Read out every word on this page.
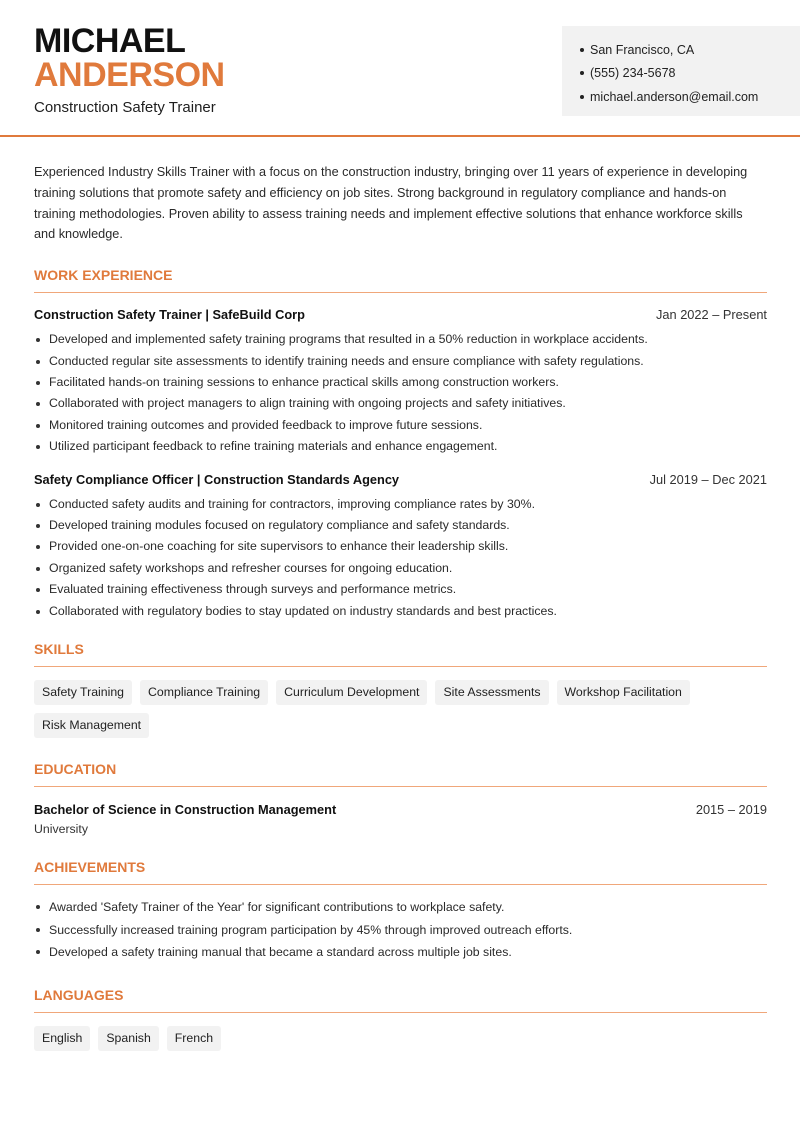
MICHAEL
ANDERSON
Construction Safety Trainer
San Francisco, CA
(555) 234-5678
michael.anderson@email.com

Experienced Industry Skills Trainer with a focus on the construction industry, bringing over 11 years of experience in developing training solutions that promote safety and efficiency on job sites. Strong background in regulatory compliance and hands-on training methodologies. Proven ability to assess training needs and implement effective solutions that enhance workforce skills and knowledge.

WORK EXPERIENCE
Construction Safety Trainer | SafeBuild Corp	Jan 2022 – Present
Developed and implemented safety training programs that resulted in a 50% reduction in workplace accidents.
Conducted regular site assessments to identify training needs and ensure compliance with safety regulations.
Facilitated hands-on training sessions to enhance practical skills among construction workers.
Collaborated with project managers to align training with ongoing projects and safety initiatives.
Monitored training outcomes and provided feedback to improve future sessions.
Utilized participant feedback to refine training materials and enhance engagement.
Safety Compliance Officer | Construction Standards Agency	Jul 2019 – Dec 2021
Conducted safety audits and training for contractors, improving compliance rates by 30%.
Developed training modules focused on regulatory compliance and safety standards.
Provided one-on-one coaching for site supervisors to enhance their leadership skills.
Organized safety workshops and refresher courses for ongoing education.
Evaluated training effectiveness through surveys and performance metrics.
Collaborated with regulatory bodies to stay updated on industry standards and best practices.
SKILLS
Safety Training	Compliance Training	Curriculum Development	Site Assessments	Workshop Facilitation
Risk Management
EDUCATION
Bachelor of Science in Construction Management	2015 – 2019
University
ACHIEVEMENTS
Awarded 'Safety Trainer of the Year' for significant contributions to workplace safety.
Successfully increased training program participation by 45% through improved outreach efforts.
Developed a safety training manual that became a standard across multiple job sites.
LANGUAGES
English	Spanish	French
